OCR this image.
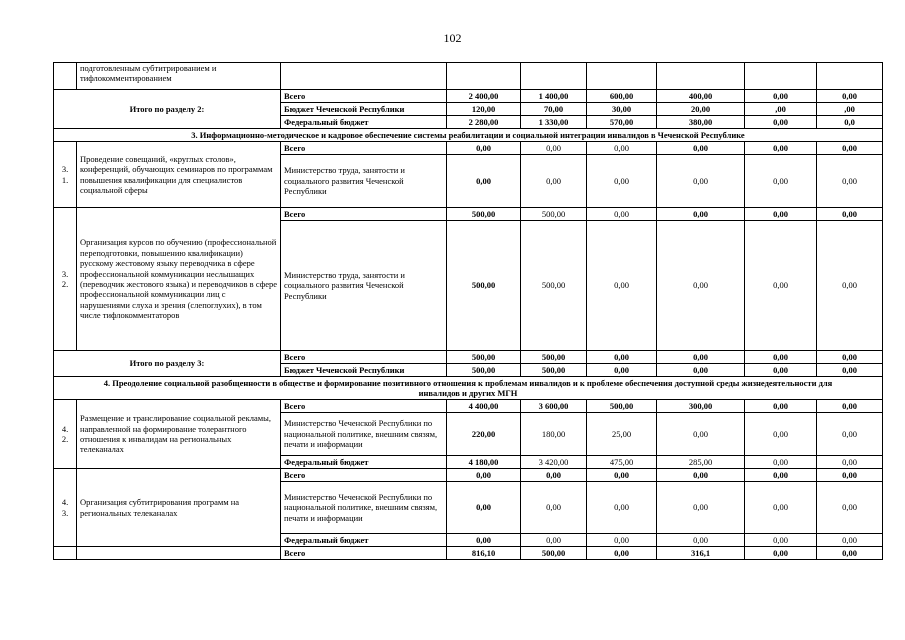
102
	подготовленным субтитрированием и тифлокомментированием							
Итого по разделу 2:		Всего	2 400,00	1 400,00	600,00	400,00	0,00	0,00
		Бюджет Чеченской Республики	120,00	70,00	30,00	20,00	,00	,00
		Федеральный бюджет	2 280,00	1 330,00	570,00	380,00	0,00	0,0
3. Информационно-методическое и кадровое обеспечение системы реабилитации и социальной интеграции инвалидов в Чеченской Республике								
3.
1.	Проведение совещаний, «круглых столов», конференций, обучающих семинаров по программам повышения квалификации для специалистов социальной сферы	Всего	0,00	0,00	0,00	0,00	0,00	0,00
		Министерство труда, занятости и социального развития Чеченской Республики	0,00	0,00	0,00	0,00	0,00	0,00
3.
2.	Организация курсов по обучению (профессиональной переподготовки, повышению квалификации) русскому жестовому языку переводчика в сфере профессиональной коммуникации неслышащих (переводчик жестового языка) и переводчиков в сфере профессиональной коммуникации лиц с нарушениями слуха и зрения (слепоглухих), в том числе тифлокомментаторов	Всего	500,00	500,00	0,00	0,00	0,00	0,00
		Министерство труда, занятости и социального развития Чеченской Республики	500,00	500,00	0,00	0,00	0,00	0,00
Итого по разделу 3:		Всего	500,00	500,00	0,00	0,00	0,00	0,00
		Бюджет Чеченской Республики	500,00	500,00	0,00	0,00	0,00	0,00
4. Преодоление социальной разобщенности в обществе и формирование позитивного отношения к проблемам инвалидов и к проблеме обеспечения доступной среды жизнедеятельности для инвалидов и других МГН								
4.
2.	Размещение и транслирование социальной рекламы, направленной на формирование толерантного отношения к инвалидам на региональных телеканалах	Всего	4 400,00	3 600,00	500,00	300,00	0,00	0,00
		Министерство Чеченской Республики по национальной политике, внешним связям, печати и информации	220,00	180,00	25,00	0,00	0,00	0,00
		Федеральный бюджет	4 180,00	3 420,00	475,00	285,00	0,00	0,00
4.
3.	Организация субтитрирования программ на региональных телеканалах	Всего	0,00	0,00	0,00	0,00	0,00	0,00
		Министерство Чеченской Республики по национальной политике, внешним связям, печати и информации	0,00	0,00	0,00	0,00	0,00	0,00
		Федеральный бюджет	0,00	0,00	0,00	0,00	0,00	0,00
		Всего	816,10	500,00	0,00	316,1	0,00	0,00
